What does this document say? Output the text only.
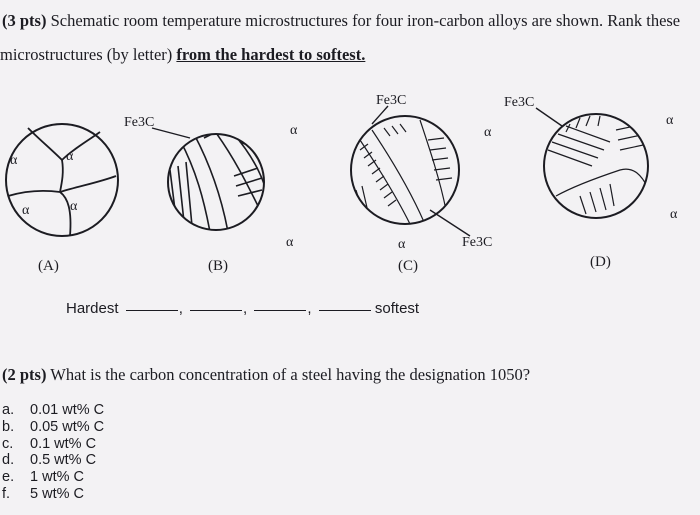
(3 pts) Schematic room temperature microstructures for four iron-carbon alloys are shown. Rank these
microstructures (by letter) from the hardest to softest.
α	α
α	α
(A)
Fe3C
α
α
(B)
Fe3C
Fe3C
α
α
(C)
Fe3C
α
α
(D)
Hardest	,	,	,	softest
(2 pts) What is the carbon concentration of a steel having the designation 1050?
a. 0.01 wt% C
b. 0.05 wt% C
c. 0.1 wt% C
d. 0.5 wt% C
e. 1 wt% C
f. 5 wt% C
